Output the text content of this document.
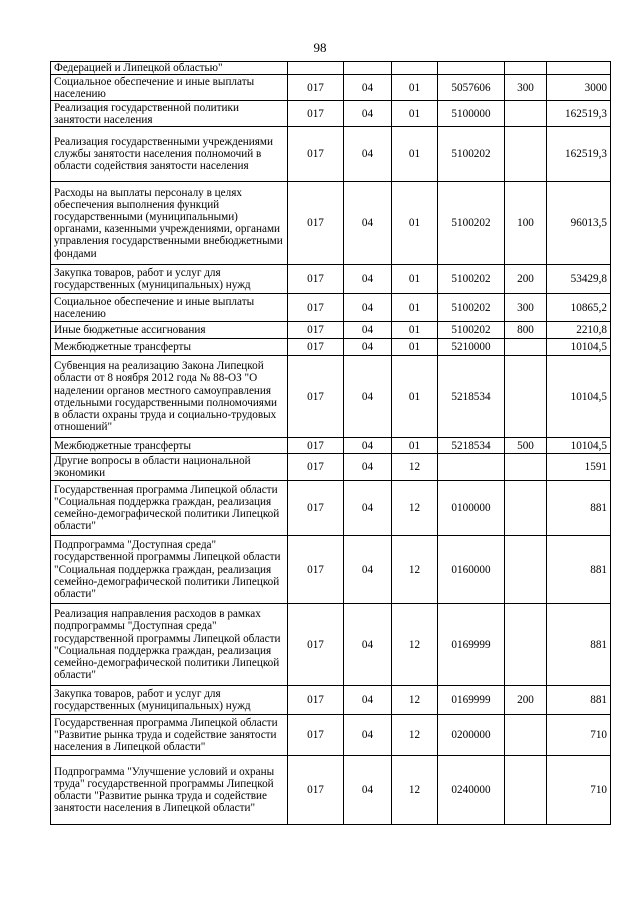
98
Федерацией и Липецкой областью"						
Социальное обеспечение и иные выплаты населению	017	04	01	5057606	300	3000
Реализация государственной политики занятости населения	017	04	01	5100000		162519,3
Реализация государственными учреждениями службы занятости населения полномочий в области содействия занятости населения	017	04	01	5100202		162519,3
Расходы на выплаты персоналу в целях обеспечения выполнения функций государственными (муниципальными) органами, казенными учреждениями, органами управления государственными внебюджетными фондами	017	04	01	5100202	100	96013,5
Закупка товаров, работ и услуг для государственных (муниципальных) нужд	017	04	01	5100202	200	53429,8
Социальное обеспечение и иные выплаты населению	017	04	01	5100202	300	10865,2
Иные бюджетные ассигнования	017	04	01	5100202	800	2210,8
Межбюджетные трансферты	017	04	01	5210000		10104,5
Субвенция на реализацию Закона Липецкой области от 8 ноября 2012 года № 88-ОЗ "О наделении органов местного самоуправления отдельными государственными полномочиями в области охраны труда и социально-трудовых отношений"	017	04	01	5218534		10104,5
Межбюджетные трансферты	017	04	01	5218534	500	10104,5
Другие вопросы в области национальной экономики	017	04	12			1591
Государственная программа Липецкой области "Социальная поддержка граждан, реализация семейно-демографической политики Липецкой области"	017	04	12	0100000		881
Подпрограмма "Доступная среда" государственной программы Липецкой области "Социальная поддержка граждан, реализация семейно-демографической политики Липецкой области"	017	04	12	0160000		881
Реализация направления расходов в рамках подпрограммы "Доступная среда" государственной программы Липецкой области "Социальная поддержка граждан, реализация семейно-демографической политики Липецкой области"	017	04	12	0169999		881
Закупка товаров, работ и услуг для государственных (муниципальных) нужд	017	04	12	0169999	200	881
Государственная программа Липецкой области "Развитие рынка труда и содействие занятости населения в Липецкой области"	017	04	12	0200000		710
Подпрограмма "Улучшение условий и охраны труда" государственной программы Липецкой области "Развитие рынка труда и содействие занятости населения в Липецкой области"	017	04	12	0240000		710
